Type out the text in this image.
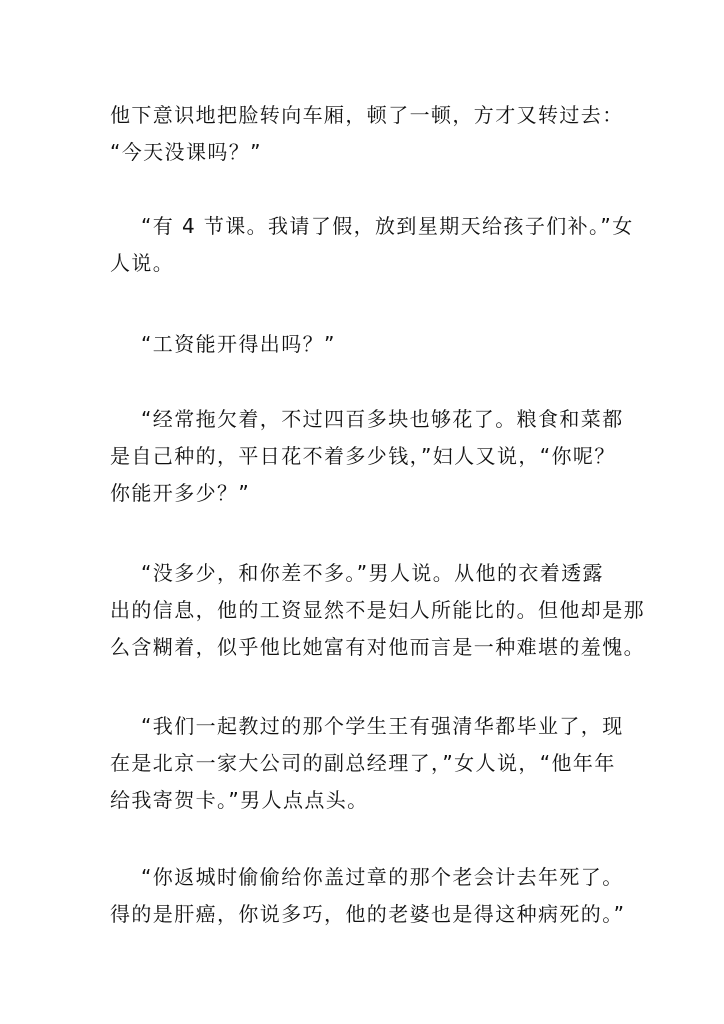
他下意识地把脸转向车厢，顿了一顿，方才又转过去：
“今天没课吗？”

“有 4 节课。我请了假，放到星期天给孩子们补。”女
人说。

“工资能开得出吗？”

“经常拖欠着，不过四百多块也够花了。粮食和菜都
是自己种的，平日花不着多少钱，”妇人又说，“你呢？
你能开多少？”

“没多少，和你差不多。”男人说。从他的衣着透露
出的信息，他的工资显然不是妇人所能比的。但他却是那
么含糊着，似乎他比她富有对他而言是一种难堪的羞愧。

“我们一起教过的那个学生王有强清华都毕业了，现
在是北京一家大公司的副总经理了，”女人说，“他年年
给我寄贺卡。”男人点点头。

“你返城时偷偷给你盖过章的那个老会计去年死了。
得的是肝癌，你说多巧，他的老婆也是得这种病死的。”
